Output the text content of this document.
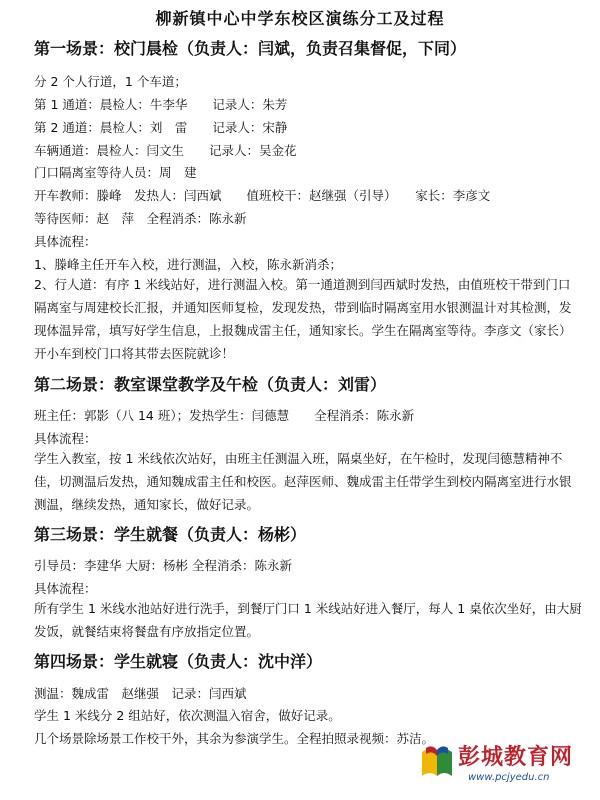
柳新镇中心中学东校区演练分工及过程
第一场景：校门晨检（负责人：闫斌，负责召集督促，下同）
分 2 个人行道，1 个车道；
第 1 通道：晨检人：牛李华　　记录人：朱芳
第 2 通道：晨检人：刘　雷　　记录人：宋静
车辆通道：晨检人：闫文生　　记录人：吴金花
门口隔离室等待人员：周　建
开车教师：滕峰　发热人：闫西斌　　值班校干：赵继强（引导）　　家长：李彦文
等待医师：赵　萍　全程消杀：陈永新
具体流程：
1、滕峰主任开车入校，进行测温，入校，陈永新消杀；
2、行人道：有序 1 米线站好，进行测温入校。第一通道测到闫西斌时发热，由值班校干带到门口隔离室与周建校长汇报，并通知医师复检，发现发热，带到临时隔离室用水银测温计对其检测，发现体温异常，填写好学生信息，上报魏成雷主任，通知家长。学生在隔离室等待。李彦文（家长）开小车到校门口将其带去医院就诊！
第二场景：教室课堂教学及午检（负责人：刘雷）
班主任：郭影（八 14 班）；发热学生：闫德慧　　全程消杀：陈永新
具体流程：
学生入教室，按 1 米线依次站好，由班主任测温入班，隔桌坐好，在午检时，发现闫德慧精神不佳，切测温后发热，通知魏成雷主任和校医。赵萍医师、魏成雷主任带学生到校内隔离室进行水银测温，继续发热，通知家长，做好记录。
第三场景：学生就餐（负责人：杨彬）
引导员：李建华 大厨：杨彬 全程消杀：陈永新
具体流程：
所有学生 1 米线水池站好进行洗手，到餐厅门口 1 米线站好进入餐厅，每人 1 桌依次坐好，由大厨发饭，就餐结束将餐盘有序放指定位置。
第四场景：学生就寝（负责人：沈中洋）
测温：魏成雷　赵继强　记录：闫西斌
学生 1 米线分 2 组站好，依次测温入宿舍，做好记录。
几个场景除场景工作校干外，其余为参演学生。全程拍照录视频：苏洁。
彭城教育网
www.pcjyedu.cn
